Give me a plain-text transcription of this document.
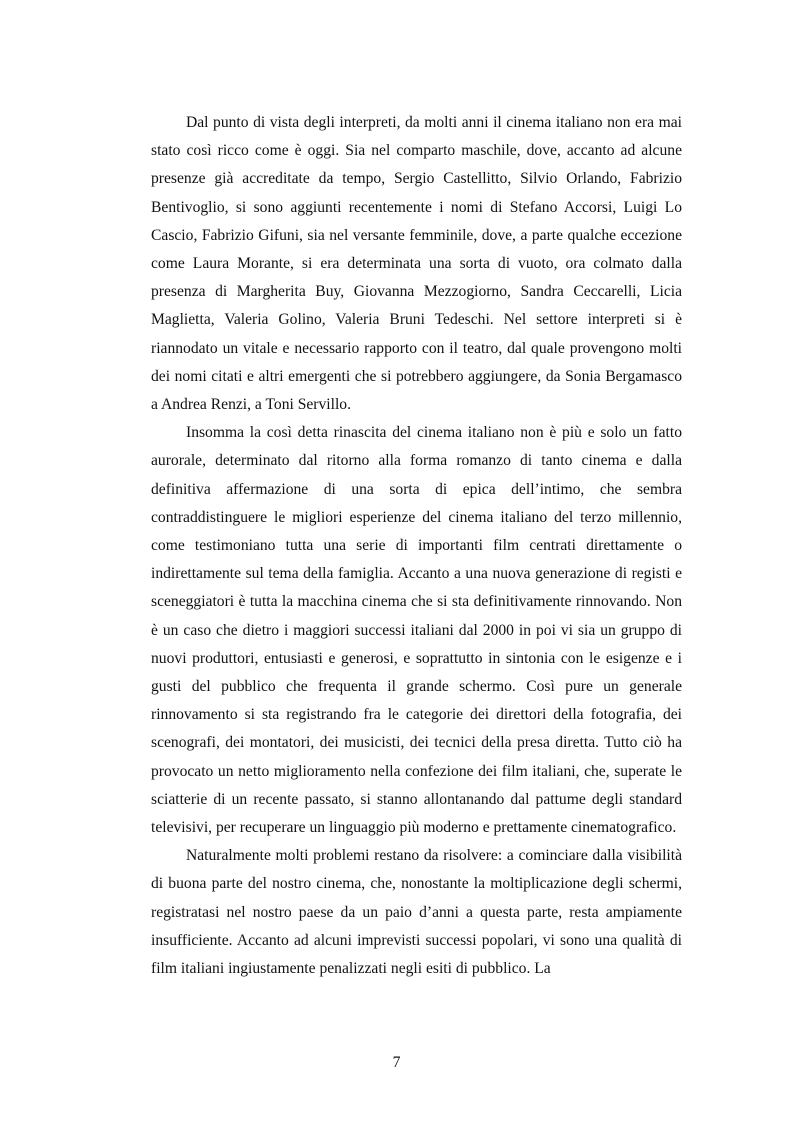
Dal punto di vista degli interpreti, da molti anni il cinema italiano non era mai stato così ricco come è oggi. Sia nel comparto maschile, dove, accanto ad alcune presenze già accreditate da tempo, Sergio Castellitto, Silvio Orlando, Fabrizio Bentivoglio, si sono aggiunti recentemente i nomi di Stefano Accorsi, Luigi Lo Cascio, Fabrizio Gifuni, sia nel versante femminile, dove, a parte qualche eccezione come Laura Morante, si era determinata una sorta di vuoto, ora colmato dalla presenza di Margherita Buy, Giovanna Mezzogiorno, Sandra Ceccarelli, Licia Maglietta, Valeria Golino, Valeria Bruni Tedeschi. Nel settore interpreti si è riannodato un vitale e necessario rapporto con il teatro, dal quale provengono molti dei nomi citati e altri emergenti che si potrebbero aggiungere, da Sonia Bergamasco a Andrea Renzi, a Toni Servillo.

Insomma la così detta rinascita del cinema italiano non è più e solo un fatto aurorale, determinato dal ritorno alla forma romanzo di tanto cinema e dalla definitiva affermazione di una sorta di epica dell’intimo, che sembra contraddistinguere le migliori esperienze del cinema italiano del terzo millennio, come testimoniano tutta una serie di importanti film centrati direttamente o indirettamente sul tema della famiglia. Accanto a una nuova generazione di registi e sceneggiatori è tutta la macchina cinema che si sta definitivamente rinnovando. Non è un caso che dietro i maggiori successi italiani dal 2000 in poi vi sia un gruppo di nuovi produttori, entusiasti e generosi, e soprattutto in sintonia con le esigenze e i gusti del pubblico che frequenta il grande schermo. Così pure un generale rinnovamento si sta registrando fra le categorie dei direttori della fotografia, dei scenografi, dei montatori, dei musicisti, dei tecnici della presa diretta. Tutto ciò ha provocato un netto miglioramento nella confezione dei film italiani, che, superate le sciatterie di un recente passato, si stanno allontanando dal pattume degli standard televisivi, per recuperare un linguaggio più moderno e prettamente cinematografico.

Naturalmente molti problemi restano da risolvere: a cominciare dalla visibilità di buona parte del nostro cinema, che, nonostante la moltiplicazione degli schermi, registratasi nel nostro paese da un paio d’anni a questa parte, resta ampiamente insufficiente. Accanto ad alcuni imprevisti successi popolari, vi sono una qualità di film italiani ingiustamente penalizzati negli esiti di pubblico. La

7
